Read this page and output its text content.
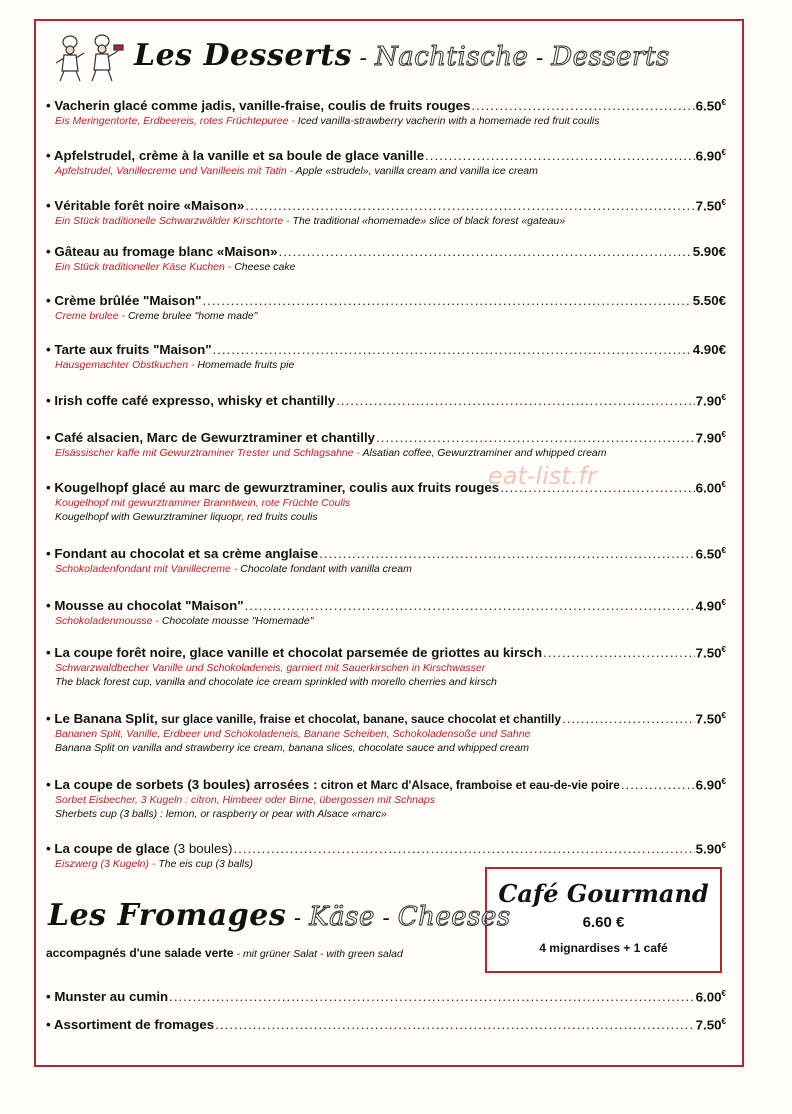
Les Desserts - Nachtische - Desserts
• Vacherin glacé comme jadis, vanille-fraise, coulis de fruits rouges .....	6.50€
Eis Meringentorte, Erdbeereis, rotes Früchtepuree - Iced vanilla-strawberry vacherin with a homemade red fruit coulis
• Apfelstrudel, crème à la vanille et sa boule de glace vanille .....	6.90€
Apfelstrudel, Vanillecreme und Vanilleeis mit Tatin - Apple «strudel», vanilla cream and vanilla ice cream
• Véritable forêt noire «Maison» .....	7.50€
Ein Stück traditionelle Schwarzwälder Kirschtorte - The traditional «homemade» slice of black forest «gateau»
• Gâteau au fromage blanc «Maison» .....	5.90€
Ein Stück traditioneller Käse Kuchen - Cheese cake
• Crème brûlée "Maison" .....	5.50€
Creme brulee - Creme brulee "home made"
• Tarte aux fruits "Maison" .....	4.90€
Hausgemachter Obstkuchen - Homemade fruits pie
• Irish coffe café expresso, whisky et chantilly .....	7.90€
• Café alsacien, Marc de Gewurztraminer et chantilly .....	7.90€
Elsässischer kaffe mit Gewurztraminer Trester und Schlagsahne - Alsatian coffee, Gewurztraminer and whipped cream
• Kougelhopf glacé au marc de gewurztraminer, coulis aux fruits rouges .....	6.00€
Kougelhopf mit gewurztraminer Branntwein, rote Früchte Coulis
Kougelhopf with Gewurztraminer liquopr, red fruits coulis
• Fondant au chocolat et sa crème anglaise .....	6.50€
Schokoladenfondant mit Vanillecreme - Chocolate fondant with vanilla cream
• Mousse au chocolat "Maison" .....	4.90€
Schokoladenmousse - Chocolate mousse "Homemade"
• La coupe forêt noire, glace vanille et chocolat parsemée de griottes au kirsch .....	7.50€
Schwarzwaldbecher Vanille und Schokoladeneis, garniert mit Sauerkirschen in Kirschwasser
The black forest cup, vanilla and chocolate ice cream sprinkled with morello cherries and kirsch
• Le Banana Split, sur glace vanille, fraise et chocolat, banane, sauce chocolat et chantilly .....	7.50€
Bananen Split, Vanille, Erdbeer und Schokoladeneis, Banane Scheiben, Schokoladensoße und Sahne
Banana Split on vanilla and strawberry ice cream, banana slices, chocolate sauce and whipped cream
• La coupe de sorbets (3 boules) arrosées : citron et Marc d'Alsace, framboise et eau-de-vie poire .....	6.90€
Sorbet Eisbecher, 3 Kugeln : citron, Himbeer oder Birne, übergossen mit Schnaps
Sherbets cup (3 balls) : lemon, or raspberry or pear with Alsace «marc»
• La coupe de glace (3 boules) .....	5.90€
Eiszwerg (3 Kugeln) - The eis cup (3 balls)
eat-list.fr
Café Gourmand
6.60 €
4 mignardises + 1 café
Les Fromages - Käse - Cheeses
accompagnés d'une salade verte - mit grüner Salat - with green salad
• Munster au cumin .....	6.00€
• Assortiment de fromages .....	7.50€
